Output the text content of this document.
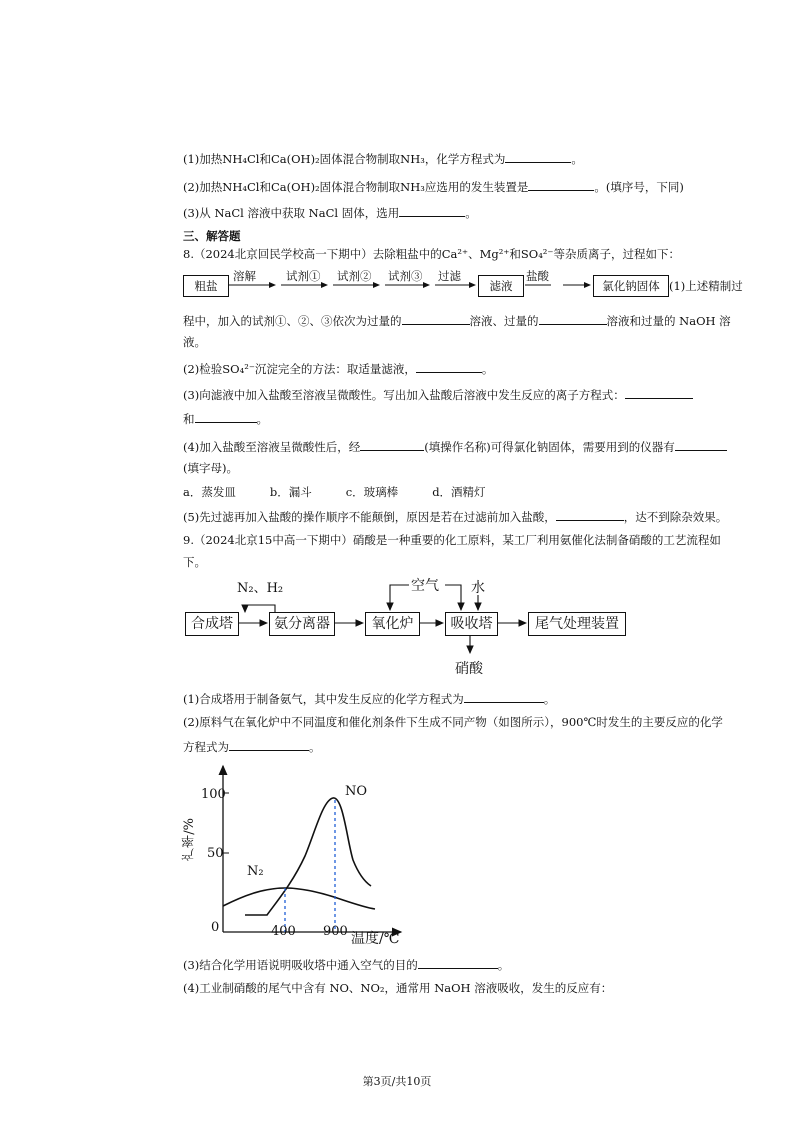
(1)加热NH₄Cl和Ca(OH)₂固体混合物制取NH₃，化学方程式为	。
(2)加热NH₄Cl和Ca(OH)₂固体混合物制取NH₃应选用的发生装置是	。(填序号，下同)
(3)从 NaCl 溶液中获取 NaCl 固体，选用	。
三、解答题
8.（2024北京回民学校高一下期中）去除粗盐中的Ca²⁺、Mg²⁺和SO₄²⁻等杂质离子，过程如下：
粗盐
溶解	试剂① 试剂② 试剂③ 过滤
滤液
盐酸
氯化钠固体 (1)上述精制过
程中，加入的试剂①、②、③依次为过量的	溶液、过量的	溶液和过量的 NaOH 溶
液。
(2)检验SO₄²⁻沉淀完全的方法：取适量滤液，	。
(3)向滤液中加入盐酸至溶液呈微酸性。写出加入盐酸后溶液中发生反应的离子方程式：
和	。
(4)加入盐酸至溶液呈微酸性后，经	(填操作名称)可得氯化钠固体，需要用到的仪器有
(填字母)。
a．蒸发皿	b．漏斗	c．玻璃棒	d．酒精灯
(5)先过滤再加入盐酸的操作顺序不能颠倒，原因是若在过滤前加入盐酸，	，达不到除杂效果。
9.（2024北京15中高一下期中）硝酸是一种重要的化工原料，某工厂利用氨催化法制备硝酸的工艺流程如
下。
N₂、H₂
合成塔	氨分离器	氧化炉	吸收塔	尾气处理装置
空气 水
硝酸
(1)合成塔用于制备氨气，其中发生反应的化学方程式为	。
(2)原料气在氧化炉中不同温度和催化剂条件下生成不同产物（如图所示），900℃时发生的主要反应的化学
方程式为	。
100
50
0	400 900 温度/℃
产率/%
N₂
NO
(3)结合化学用语说明吸收塔中通入空气的目的	。
(4)工业制硝酸的尾气中含有 NO、NO₂，通常用 NaOH 溶液吸收，发生的反应有：
第3页/共10页
